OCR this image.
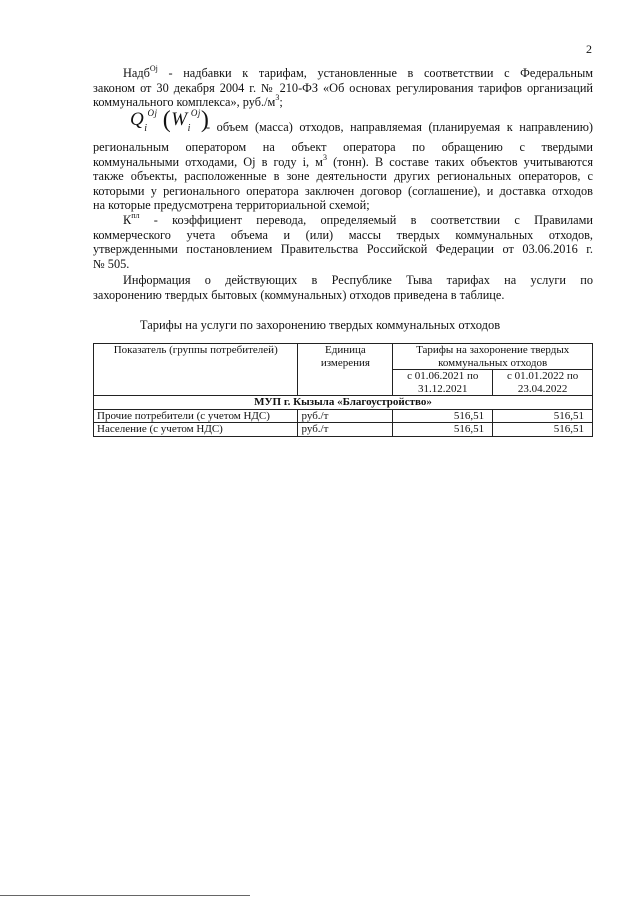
2

Надб$^{Oj}$ - надбавки к тарифам, установленные в соответствии с Федеральным

законом от 30 декабря 2004 г. № 210-ФЗ «Об основах регулирования тарифов организаций

коммунального комплекса», $руб./м^3$;

$Q_i^{Oj}$ $(W_i^{Oj})$

- объем (масса) отходов, направляемая (планируемая к направлению)

региональным оператором на объект оператора по обращению с твердыми

коммунальными отходами, Oj в году i, $м^3$ (тонн). В составе таких объектов учитываются

также объекты, расположенные в зоне деятельности других региональных операторов, с

которыми у регионального оператора заключен договор (соглашение), и доставка отходов

на которые предусмотрена территориальной схемой;

$К^{пл}$ - коэффициент перевода, определяемый в соответствии с Правилами

коммерческого учета объема и (или) массы твердых коммунальных отходов,

утвержденными постановлением Правительства Российской Федерации от 03.06.2016 г.

№ 505.

Информация о действующих в Республике Тыва тарифах на услуги по

захоронению твердых бытовых (коммунальных) отходов приведена в таблице.

Тарифы на услуги по захоронению твердых коммунальных отходов
Показатель (группы потребителей)	Единица измерения	Тарифы на захоронение твердых коммунальных отходов	
		с 01.06.2021 по 31.12.2021	с 01.01.2022 по 23.04.2022
МУП г. Кызыла «Благоустройство»			
Прочие потребители (с учетом НДС)	руб./т	516,51	516,51
Население (с учетом НДС)	руб./т	516,51	516,51
